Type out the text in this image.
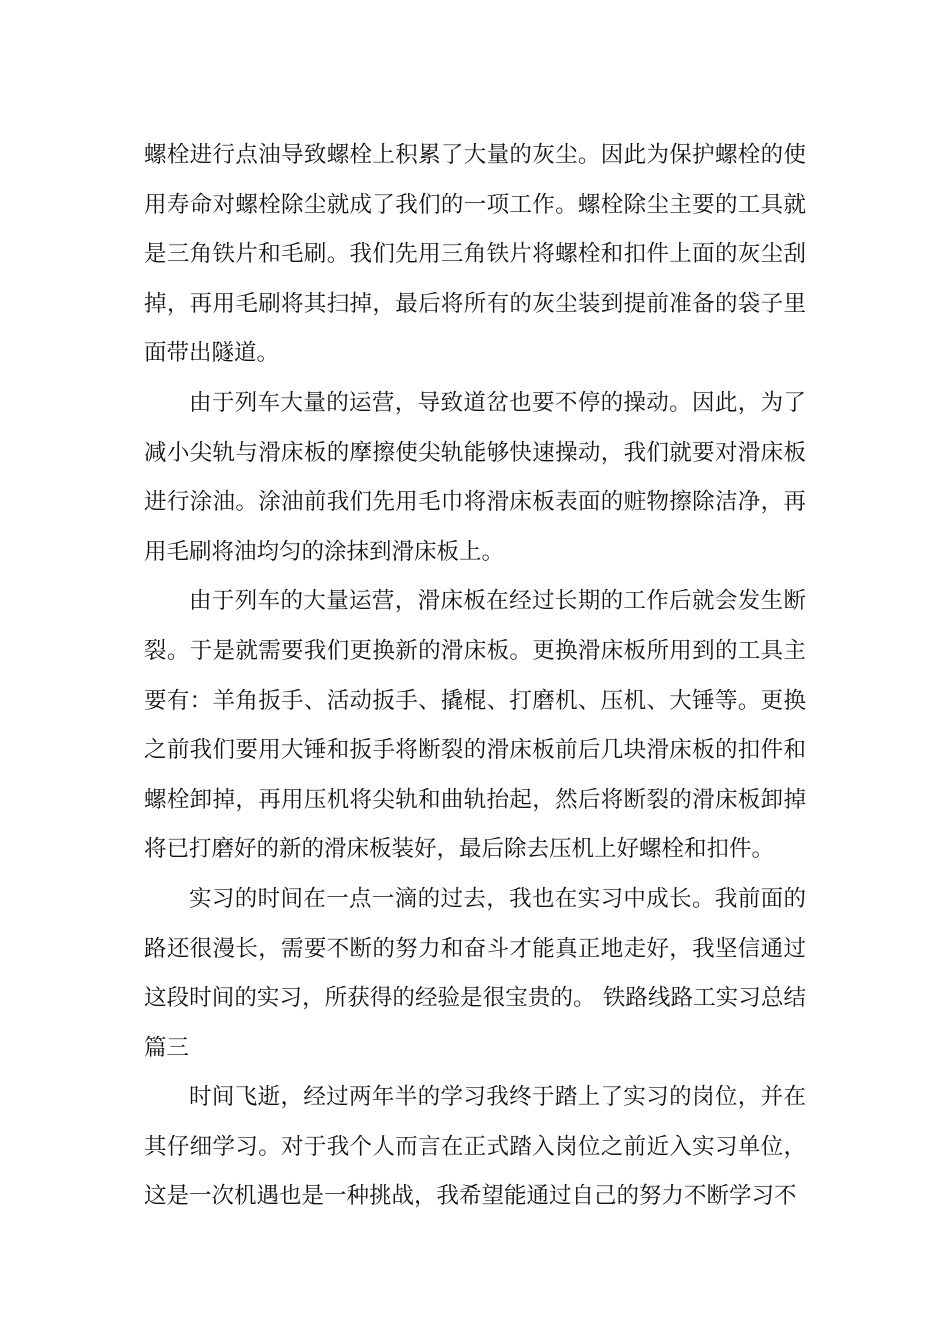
螺栓进行点油导致螺栓上积累了大量的灰尘。因此为保护螺栓的使用寿命对螺栓除尘就成了我们的一项工作。螺栓除尘主要的工具就是三角铁片和毛刷。我们先用三角铁片将螺栓和扣件上面的灰尘刮掉，再用毛刷将其扫掉，最后将所有的灰尘装到提前准备的袋子里面带出隧道。

由于列车大量的运营，导致道岔也要不停的操动。因此，为了减小尖轨与滑床板的摩擦使尖轨能够快速操动，我们就要对滑床板进行涂油。涂油前我们先用毛巾将滑床板表面的赃物擦除洁净，再用毛刷将油均匀的涂抹到滑床板上。

由于列车的大量运营，滑床板在经过长期的工作后就会发生断裂。于是就需要我们更换新的滑床板。更换滑床板所用到的工具主要有：羊角扳手、活动扳手、撬棍、打磨机、压机、大锤等。更换之前我们要用大锤和扳手将断裂的滑床板前后几块滑床板的扣件和螺栓卸掉，再用压机将尖轨和曲轨抬起，然后将断裂的滑床板卸掉将已打磨好的新的滑床板装好，最后除去压机上好螺栓和扣件。

实习的时间在一点一滴的过去，我也在实习中成长。我前面的路还很漫长，需要不断的努力和奋斗才能真正地走好，我坚信通过这段时间的实习，所获得的经验是很宝贵的。 铁路线路工实习总结篇三

时间飞逝，经过两年半的学习我终于踏上了实习的岗位，并在其仔细学习。对于我个人而言在正式踏入岗位之前近入实习单位，这是一次机遇也是一种挑战，我希望能通过自己的努力不断学习不
